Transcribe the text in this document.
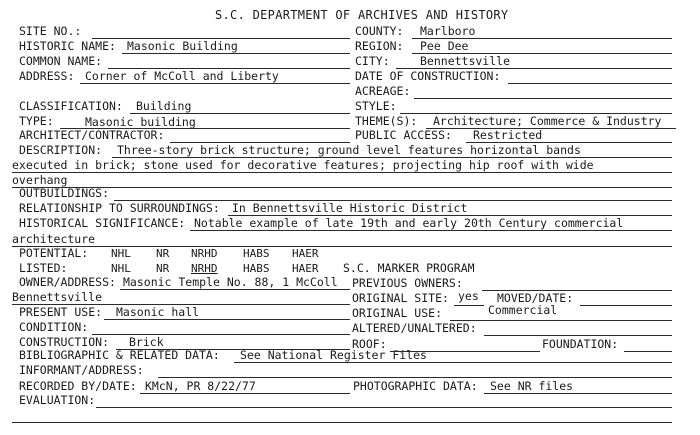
S.C. DEPARTMENT OF ARCHIVES AND HISTORY
SITE NO.:
HISTORIC NAME: Masonic Building
COMMON NAME:
ADDRESS: Corner of McColl and Liberty
CLASSIFICATION: Building
TYPE:	Masonic building
ARCHITECT/CONTRACTOR:
DESCRIPTION: Three-story brick structure; ground level features horizontal bands
executed in brick; stone used for decorative features; projecting hip roof with wide
overhang
OUTBUILDINGS:
RELATIONSHIP TO SURROUNDINGS: In Bennettsville Historic District
HISTORICAL SIGNIFICANCE: Notable example of late 19th and early 20th Century commercial
architecture
POTENTIAL: NHL NR NRHD HABS HAER
LISTED:	NHL NR NRHD HABS HAER
OWNER/ADDRESS: Masonic Temple No. 88, 1 McColl
Bennettsville
PRESENT USE: Masonic hall
CONDITION:
CONSTRUCTION: Brick
BIBLIOGRAPHIC & RELATED DATA: See National Register Files
INFORMANT/ADDRESS:
RECORDED BY/DATE: KMcN, PR 8/22/77
EVALUATION:
COUNTY: Marlboro
REGION: Pee Dee
CITY:	Bennettsville
DATE OF CONSTRUCTION:
ACREAGE:
STYLE:
THEME(S): Architecture; Commerce & Industry
PUBLIC ACCESS: Restricted
S.C. MARKER PROGRAM
PREVIOUS OWNERS:
ORIGINAL SITE: yes MOVED/DATE:
ORIGINAL USE:	Commercial
ALTERED/UNALTERED:
ROOF:	FOUNDATION:
PHOTOGRAPHIC DATA: See NR files
